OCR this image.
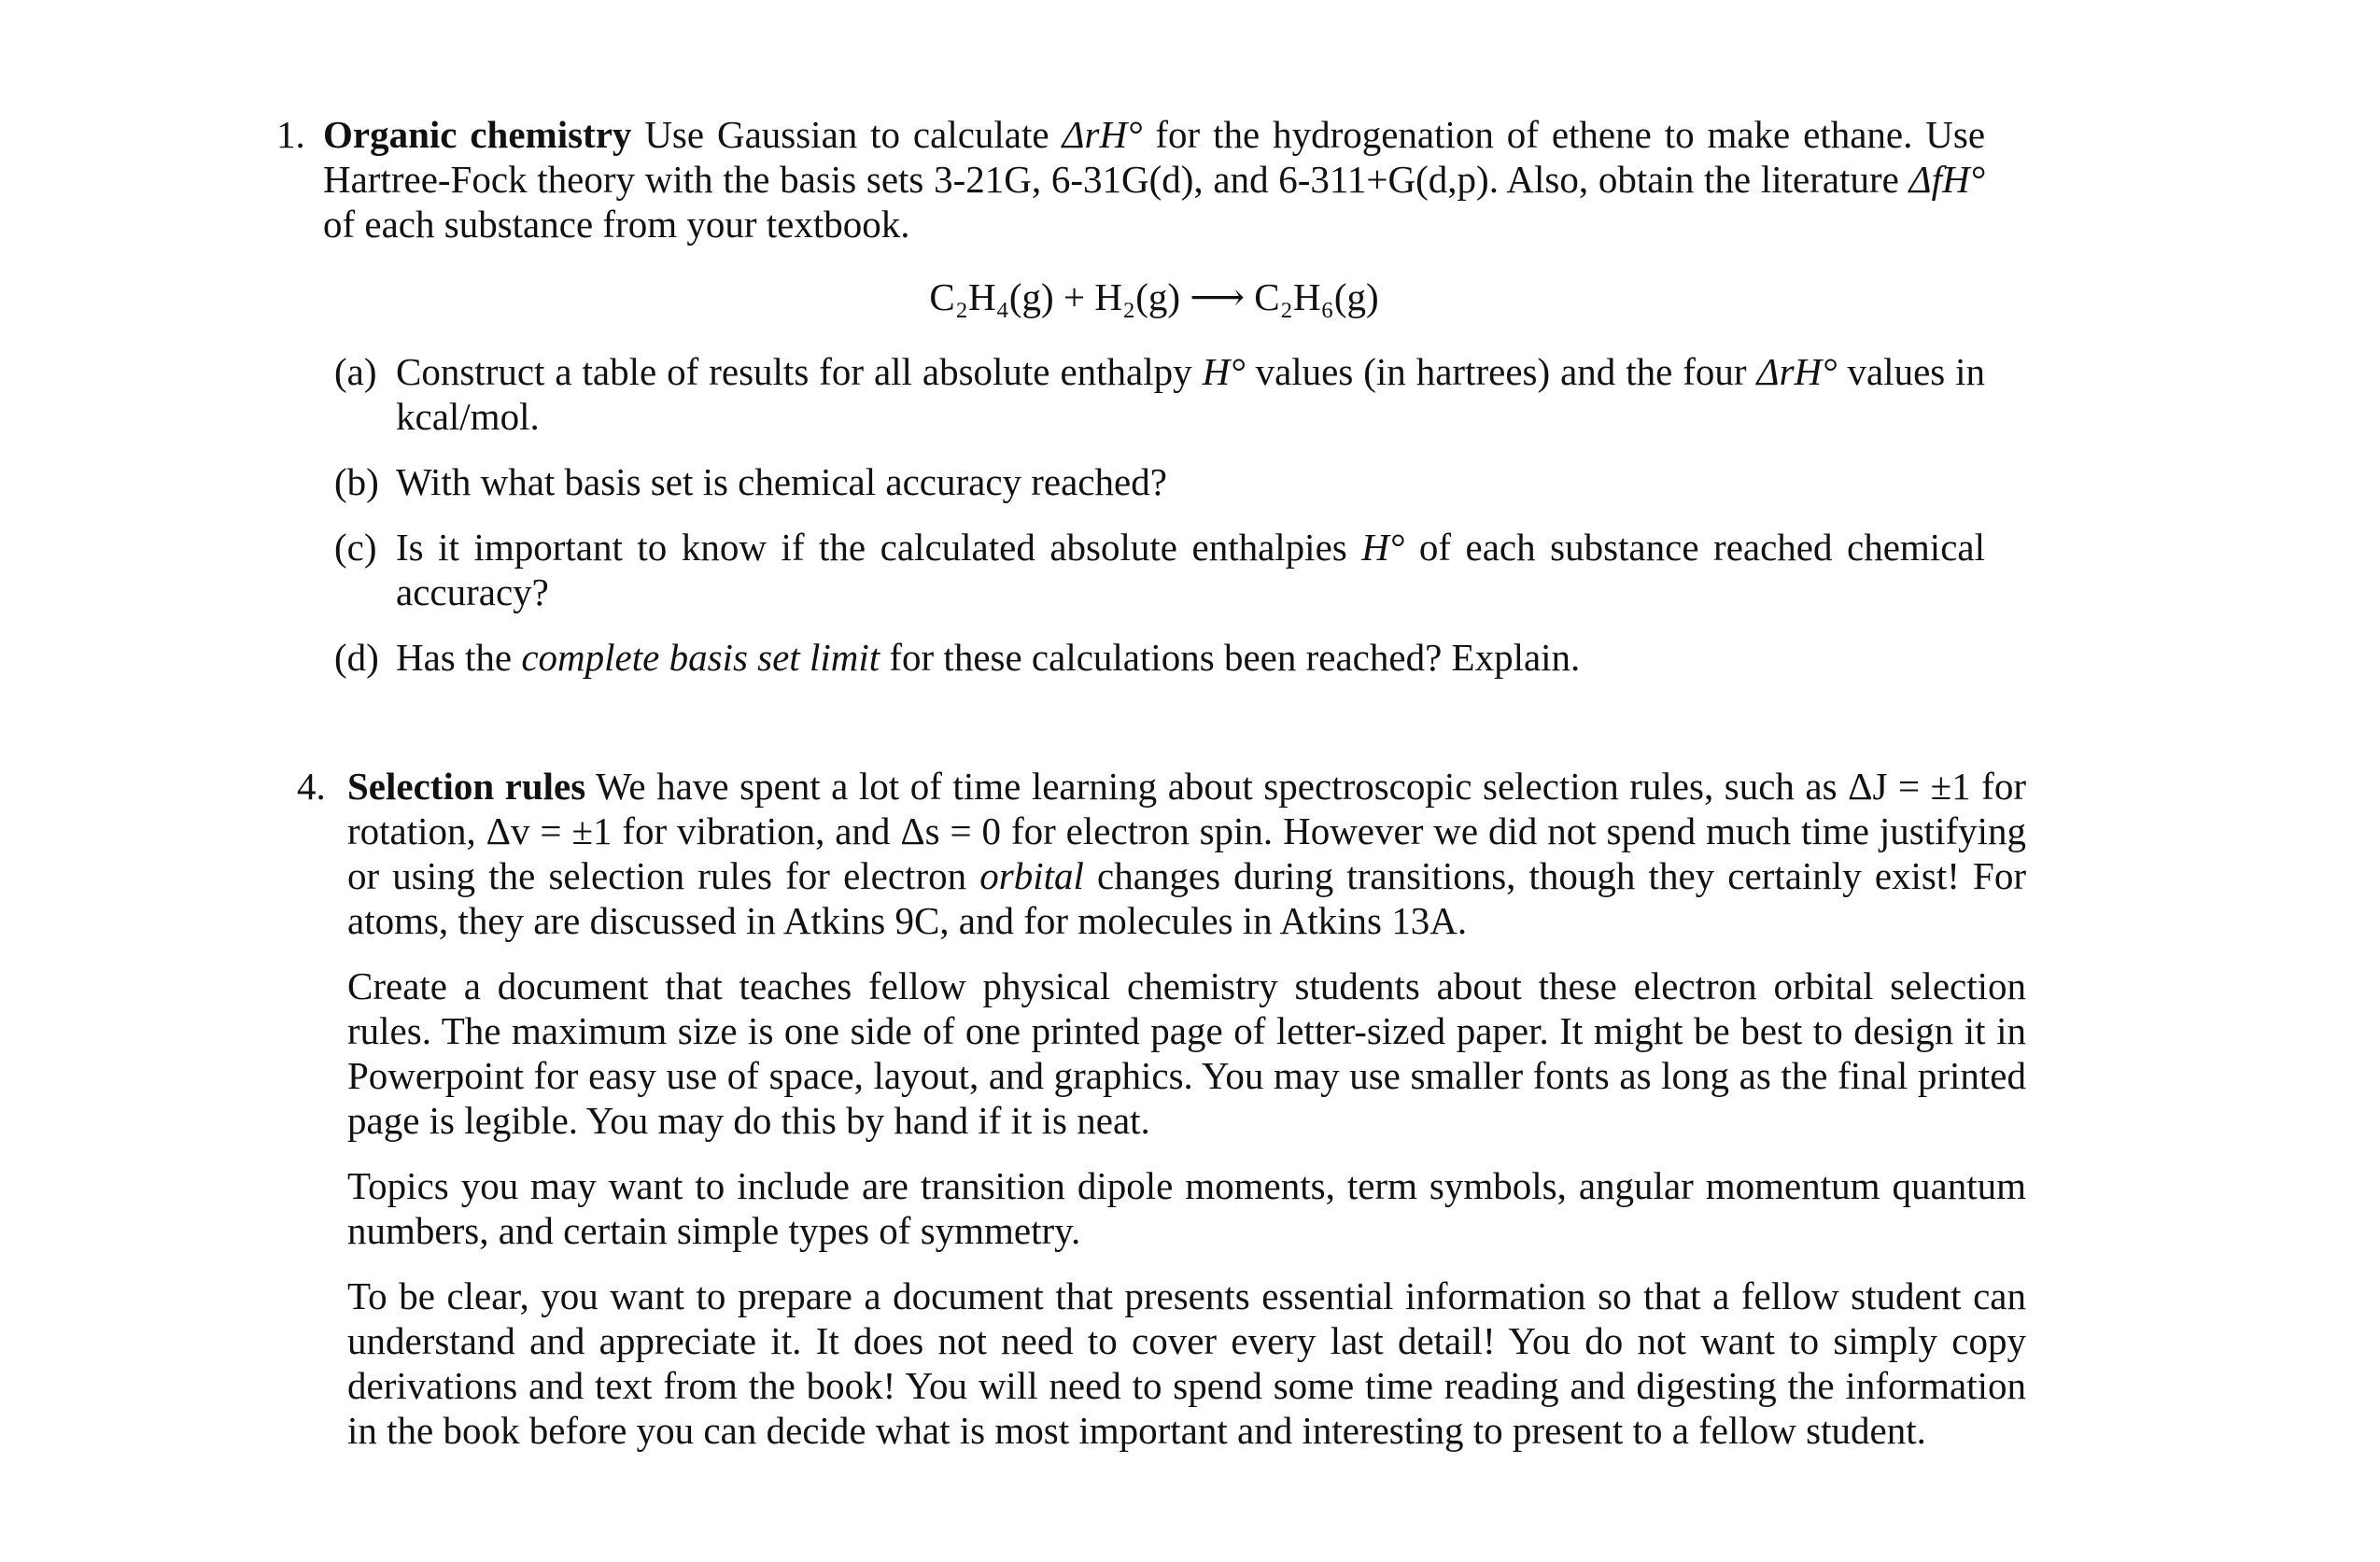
1. Organic chemistry Use Gaussian to calculate ΔrH° for the hydrogenation of ethene to make ethane. Use Hartree-Fock theory with the basis sets 3-21G, 6-31G(d), and 6-311+G(d,p). Also, obtain the literature ΔfH° of each substance from your textbook.
C₂H₄(g) + H₂(g) ⟶ C₂H₆(g)
(a) Construct a table of results for all absolute enthalpy H° values (in hartrees) and the four ΔrH° values in kcal/mol.
(b) With what basis set is chemical accuracy reached?
(c) Is it important to know if the calculated absolute enthalpies H° of each substance reached chemical accuracy?
(d) Has the complete basis set limit for these calculations been reached? Explain.
4. Selection rules We have spent a lot of time learning about spectroscopic selection rules, such as ΔJ = ±1 for rotation, Δv = ±1 for vibration, and Δs = 0 for electron spin. However we did not spend much time justifying or using the selection rules for electron orbital changes during transitions, though they certainly exist! For atoms, they are discussed in Atkins 9C, and for molecules in Atkins 13A.
Create a document that teaches fellow physical chemistry students about these electron orbital selection rules. The maximum size is one side of one printed page of letter-sized paper. It might be best to design it in Powerpoint for easy use of space, layout, and graphics. You may use smaller fonts as long as the final printed page is legible. You may do this by hand if it is neat.
Topics you may want to include are transition dipole moments, term symbols, angular momentum quantum numbers, and certain simple types of symmetry.
To be clear, you want to prepare a document that presents essential information so that a fellow student can understand and appreciate it. It does not need to cover every last detail! You do not want to simply copy derivations and text from the book! You will need to spend some time reading and digesting the information in the book before you can decide what is most important and interesting to present to a fellow student.
